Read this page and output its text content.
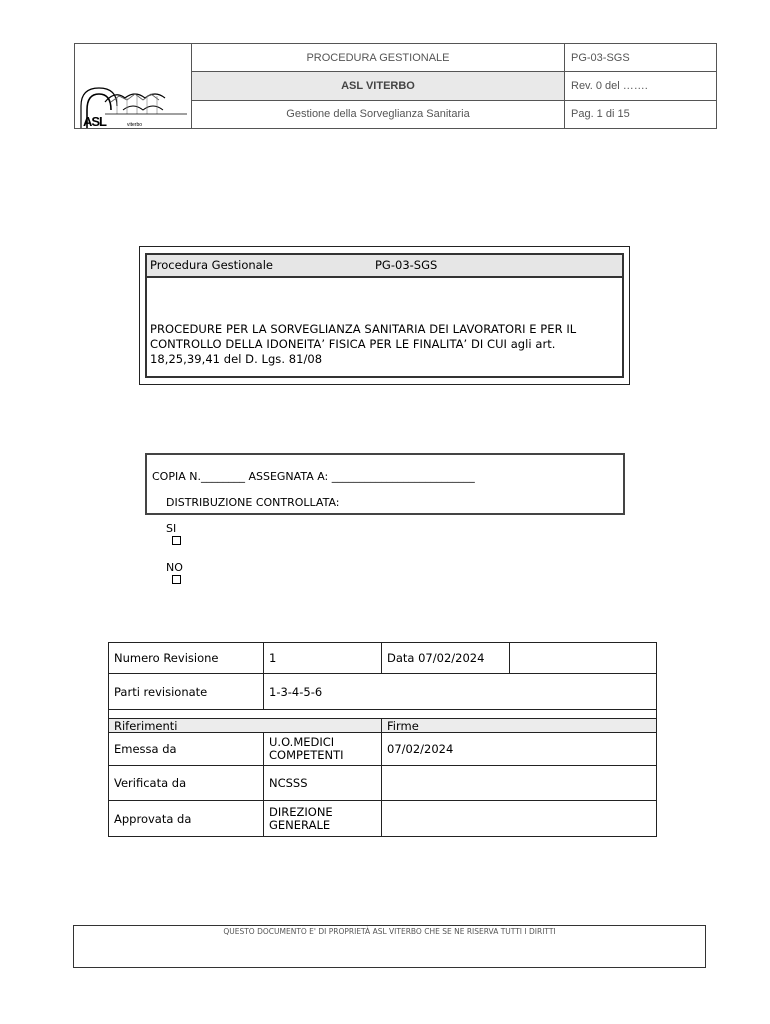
ASL viterbo	PROCEDURA GESTIONALE	PG-03-SGS
	ASL VITERBO	Rev. 0 del …….
	Gestione della Sorveglianza Sanitaria	Pag. 1 di 15
Procedura Gestionale	PG-03-SGS
PROCEDURE PER LA SORVEGLIANZA SANITARIA DEI LAVORATORI E PER IL CONTROLLO DELLA IDONEITA’ FISICA PER LE FINALITA’ DI CUI agli art. 18,25,39,41 del D. Lgs. 81/08
COPIA N.________ ASSEGNATA A: __________________________

DISTRIBUZIONE CONTROLLATA:

SI

NO

Numero Revisione	1	Data 07/02/2024	
Parti revisionate	1-3-4-5-6		

Riferimenti		Firme	
Emessa da	U.O.MEDICI COMPETENTI	07/02/2024	
Verificata da	NCSSS		
Approvata da	DIREZIONE GENERALE		
QUESTO DOCUMENTO E' DI PROPRIETÀ ASL VITERBO CHE SE NE RISERVA TUTTI I DIRITTI
